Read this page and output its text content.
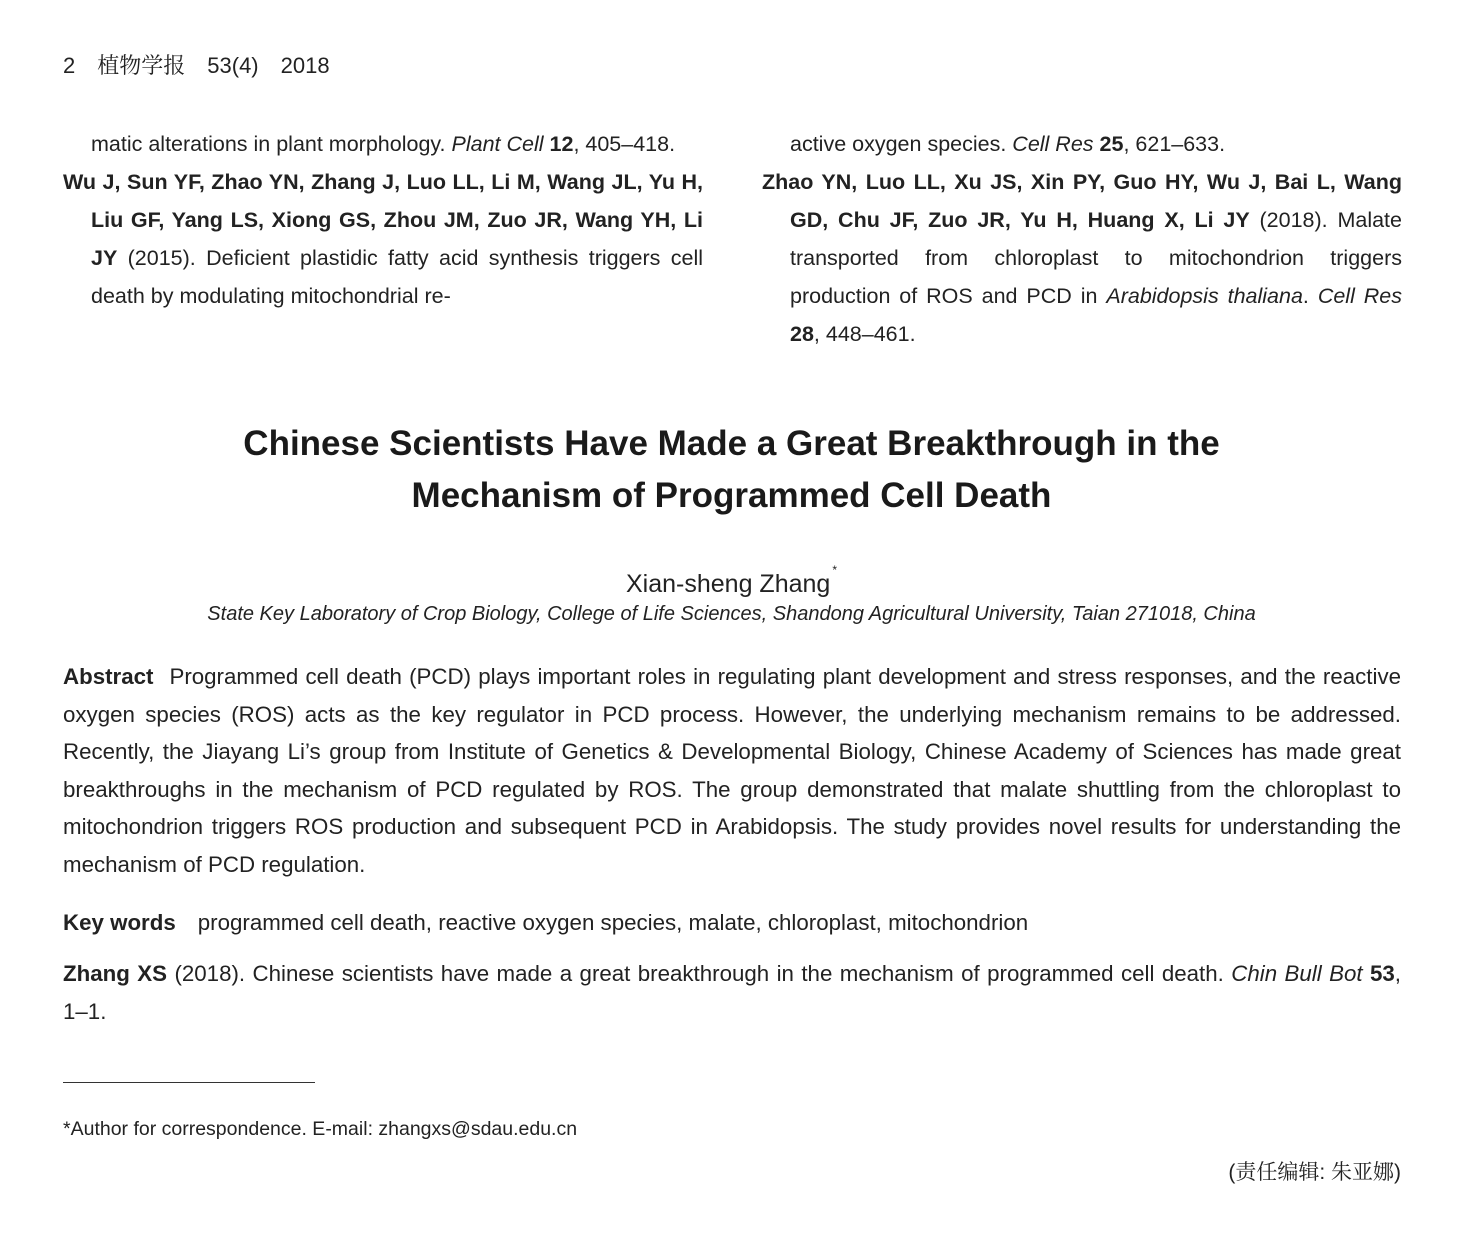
2 植物学报 53(4) 2018
matic alterations in plant morphology. Plant Cell 12, 405–418.
Wu J, Sun YF, Zhao YN, Zhang J, Luo LL, Li M, Wang JL, Yu H, Liu GF, Yang LS, Xiong GS, Zhou JM, Zuo JR, Wang YH, Li JY (2015). Deficient plastidic fatty acid synthesis triggers cell death by modulating mitochondrial re-
active oxygen species. Cell Res 25, 621–633.
Zhao YN, Luo LL, Xu JS, Xin PY, Guo HY, Wu J, Bai L, Wang GD, Chu JF, Zuo JR, Yu H, Huang X, Li JY (2018). Malate transported from chloroplast to mitochondrion triggers production of ROS and PCD in Arabidopsis thaliana. Cell Res 28, 448–461.
Chinese Scientists Have Made a Great Breakthrough in the
Mechanism of Programmed Cell Death
Xian-sheng Zhang *
State Key Laboratory of Crop Biology, College of Life Sciences, Shandong Agricultural University, Taian 271018, China
Abstract Programmed cell death (PCD) plays important roles in regulating plant development and stress responses, and the reactive oxygen species (ROS) acts as the key regulator in PCD process. However, the underlying mechanism remains to be addressed. Recently, the Jiayang Li’s group from Institute of Genetics & Developmental Biology, Chinese Academy of Sciences has made great breakthroughs in the mechanism of PCD regulated by ROS. The group demonstrated that malate shuttling from the chloroplast to mitochondrion triggers ROS production and subsequent PCD in Arabidopsis. The study provides novel results for understanding the mechanism of PCD regulation.
Key words programmed cell death, reactive oxygen species, malate, chloroplast, mitochondrion
Zhang XS (2018). Chinese scientists have made a great breakthrough in the mechanism of programmed cell death. Chin Bull Bot 53, 1–1.
*Author for correspondence. E-mail: zhangxs@sdau.edu.cn
(责任编辑: 朱亚娜)
